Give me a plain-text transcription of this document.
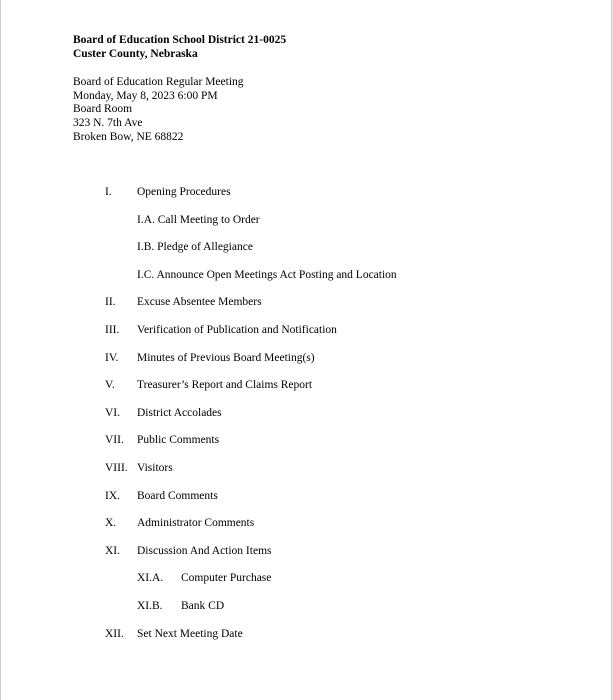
Board of Education School District 21-0025
Custer County, Nebraska
Board of Education Regular Meeting
Monday, May 8, 2023 6:00 PM
Board Room
323 N. 7th Ave
Broken Bow, NE 68822
I. Opening Procedures
I.A. Call Meeting to Order
I.B. Pledge of Allegiance
I.C. Announce Open Meetings Act Posting and Location
II. Excuse Absentee Members
III. Verification of Publication and Notification
IV. Minutes of Previous Board Meeting(s)
V. Treasurer’s Report and Claims Report
VI. District Accolades
VII. Public Comments
VIII. Visitors
IX. Board Comments
X. Administrator Comments
XI. Discussion And Action Items
XI.A. Computer Purchase
XI.B. Bank CD
XII. Set Next Meeting Date
